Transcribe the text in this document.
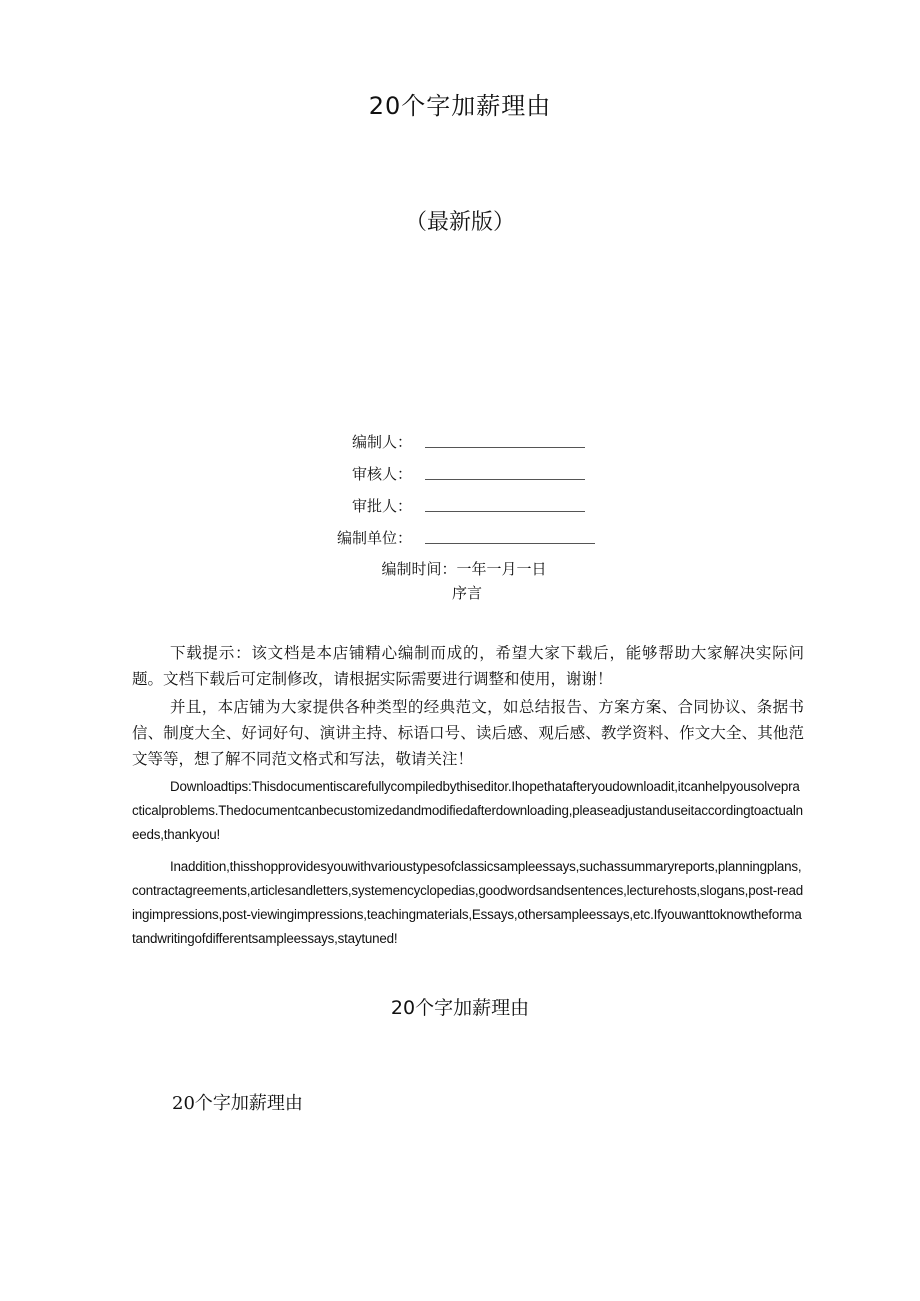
20个字加薪理由
（最新版）
编制人：
审核人：
审批人：
编制单位：
编制时间：一年一月一日
序言

下载提示：该文档是本店铺精心编制而成的，希望大家下载后，能够帮助大家解决实际问题。文档下载后可定制修改，请根据实际需要进行调整和使用，谢谢！

并且，本店铺为大家提供各种类型的经典范文，如总结报告、方案方案、合同协议、条据书信、制度大全、好词好句、演讲主持、标语口号、读后感、观后感、教学资料、作文大全、其他范文等等，想了解不同范文格式和写法，敬请关注！

Downloadtips:Thisdocumentiscarefullycompiledbythiseditor.Ihopethatafteryoudownloadit,itcanhelpyousolvepracticalproblems.Thedocumentcanbecustomizedandmodifiedafterdownloading,pleaseadjustanduseitaccordingtoactualneeds,thankyou!

Inaddition,thisshopprovidesyouwithvarioustypesofclassicsampleessays,suchassummaryreports,planningplans,contractagreements,articlesandletters,systemencyclopedias,goodwordsandsentences,lecturehosts,slogans,post-readingimpressions,post-viewingimpressions,teachingmaterials,Essays,othersampleessays,etc.Ifyouwanttoknowtheformatandwritingofdifferentsampleessays,staytuned!

20个字加薪理由
20个字加薪理由
